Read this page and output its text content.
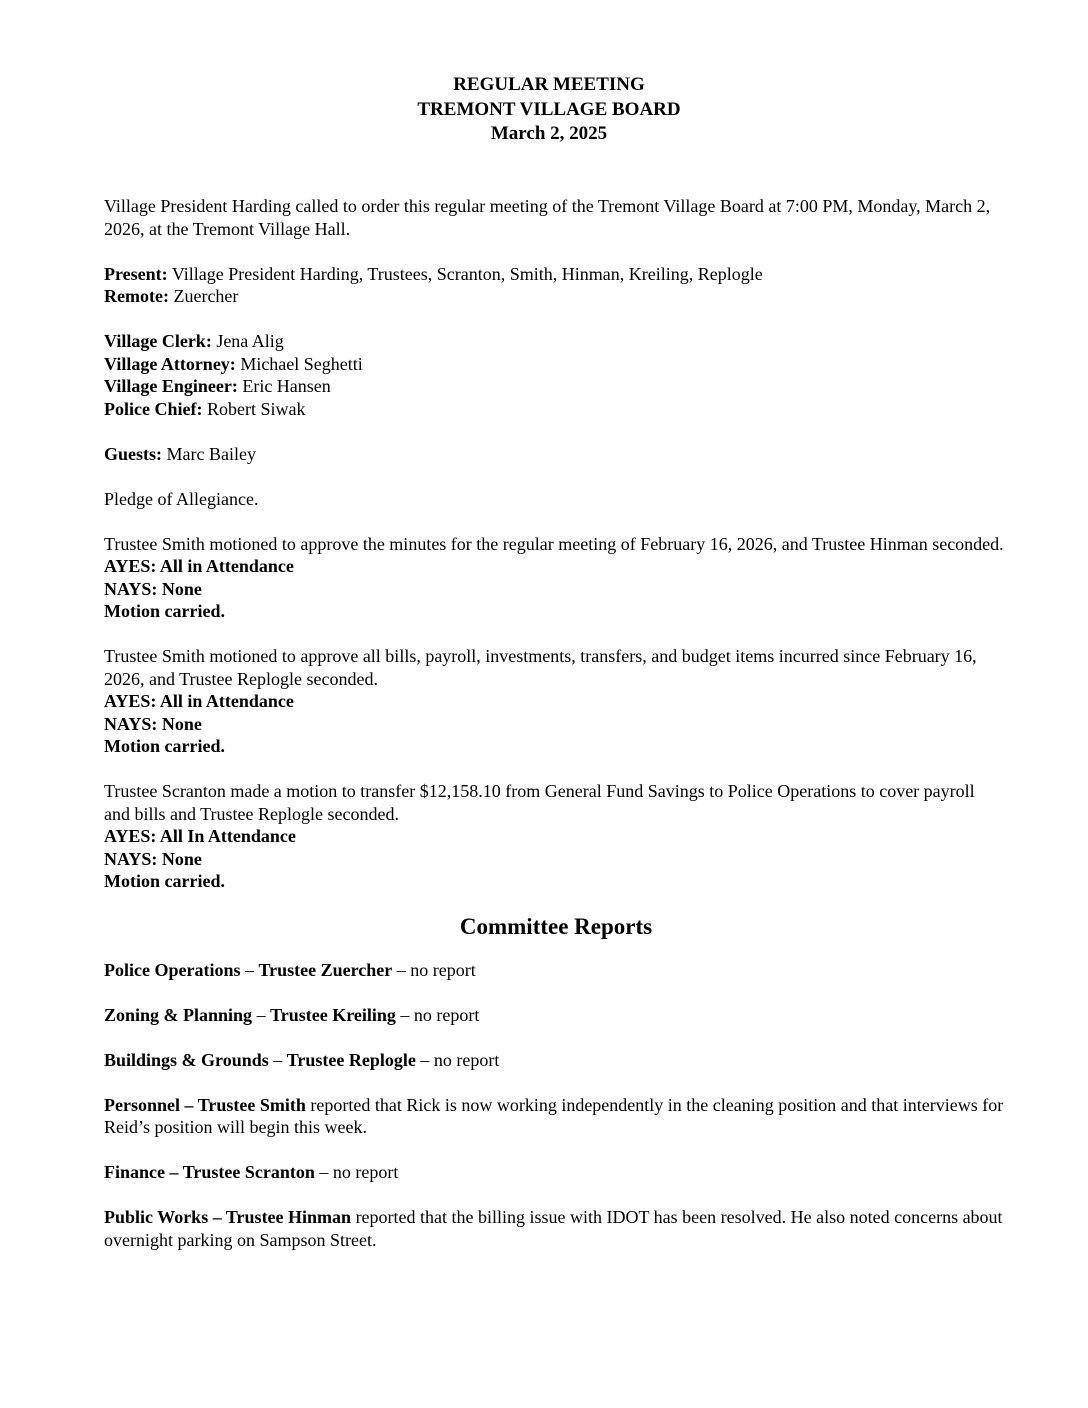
REGULAR MEETING
TREMONT VILLAGE BOARD
March 2, 2025

Village President Harding called to order this regular meeting of the Tremont Village Board at 7:00 PM, Monday, March 2, 2026, at the Tremont Village Hall.

Present: Village President Harding, Trustees, Scranton, Smith, Hinman, Kreiling, Replogle

Remote: Zuercher

Village Clerk: Jena Alig

Village Attorney: Michael Seghetti

Village Engineer: Eric Hansen

Police Chief: Robert Siwak

Guests: Marc Bailey

Pledge of Allegiance.

Trustee Smith motioned to approve the minutes for the regular meeting of February 16, 2026, and Trustee Hinman seconded.

AYES: All in Attendance

NAYS: None

Motion carried.

Trustee Smith motioned to approve all bills, payroll, investments, transfers, and budget items incurred since February 16, 2026, and Trustee Replogle seconded.

AYES: All in Attendance

NAYS: None

Motion carried.

Trustee Scranton made a motion to transfer $12,158.10 from General Fund Savings to Police Operations to cover payroll and bills and Trustee Replogle seconded.

AYES: All In Attendance

NAYS: None

Motion carried.

Committee Reports

Police Operations – Trustee Zuercher – no report

Zoning & Planning – Trustee Kreiling – no report

Buildings & Grounds – Trustee Replogle – no report

Personnel – Trustee Smith reported that Rick is now working independently in the cleaning position and that interviews for Reid’s position will begin this week.

Finance – Trustee Scranton – no report

Public Works – Trustee Hinman reported that the billing issue with IDOT has been resolved. He also noted concerns about overnight parking on Sampson Street.
